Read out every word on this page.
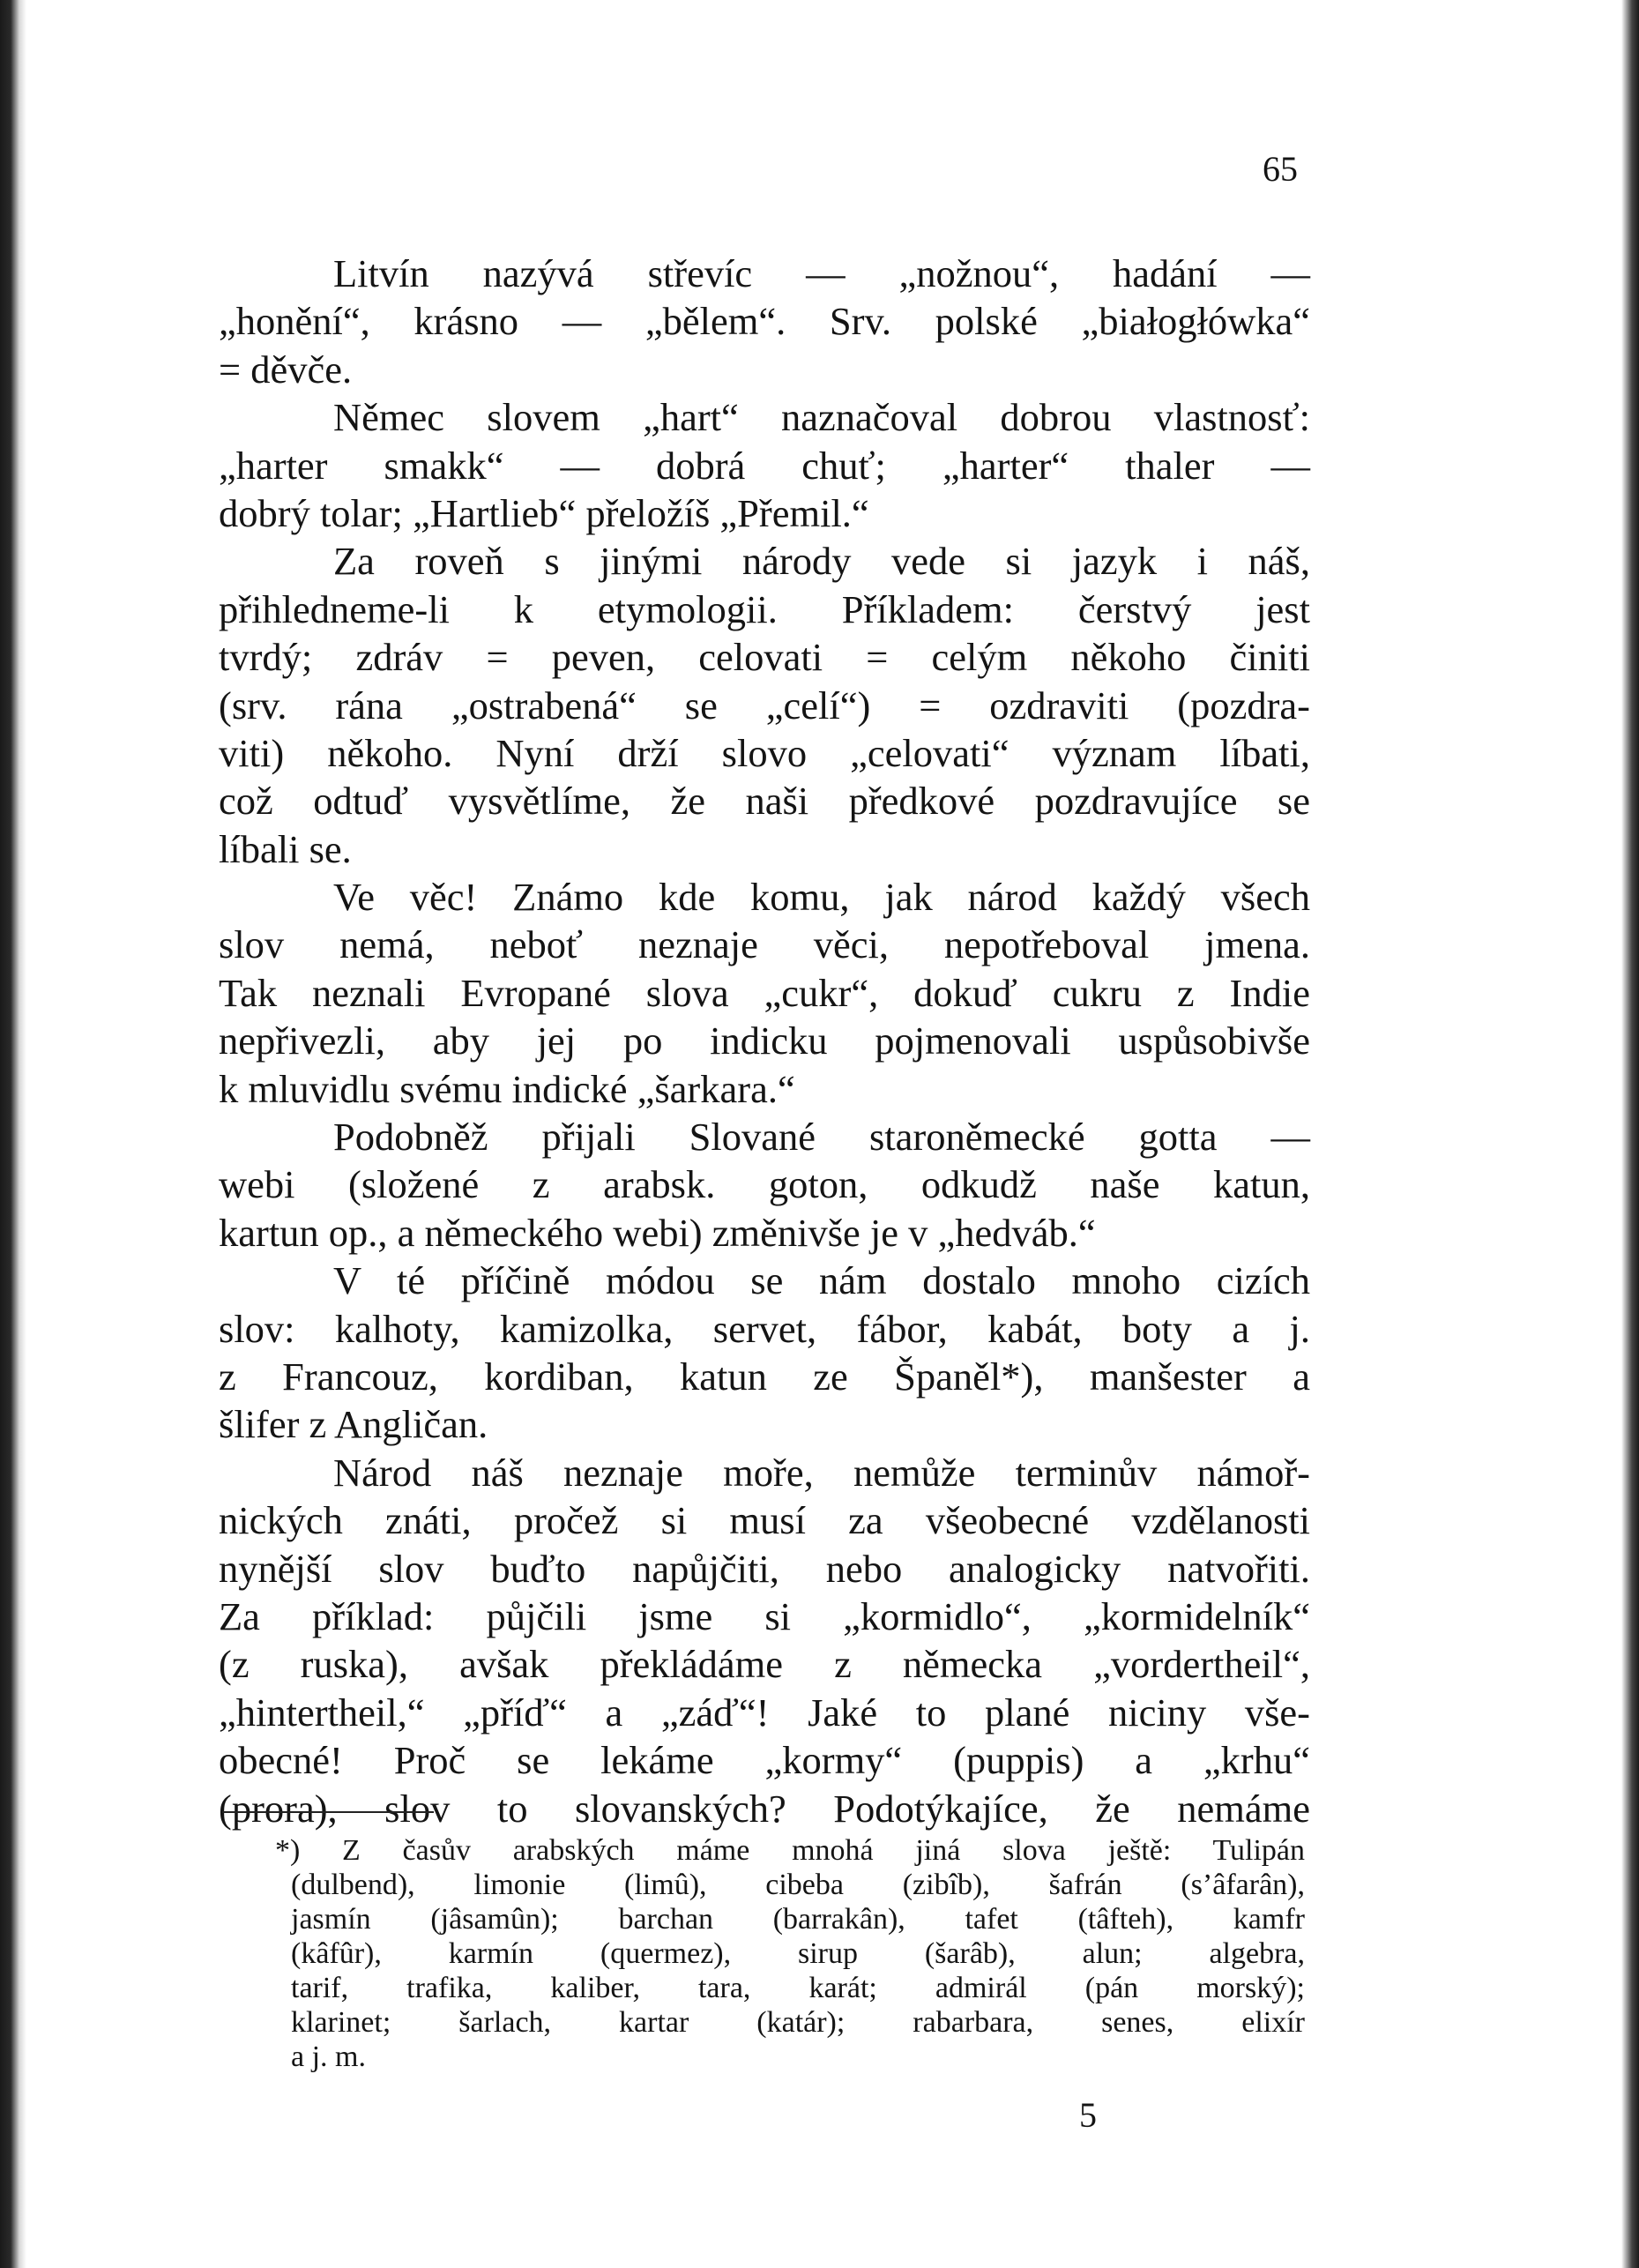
65
Litvín nazývá střevíc — „nožnou“, hadání —
„honění“, krásno — „bělem“. Srv. polské „białogłówka“
= děvče.
Němec slovem „hart“ naznačoval dobrou vlastnosť:
„harter smakk“ — dobrá chuť; „harter“ thaler —
dobrý tolar; „Hartlieb“ přeložíš „Přemil.“
Za roveň s jinými národy vede si jazyk i náš,
přihledneme-li k etymologii. Příkladem: čerstvý jest
tvrdý; zdráv = peven, celovati = celým někoho činiti
(srv. rána „ostrabená“ se „celí“) = ozdraviti (pozdra-
viti) někoho. Nyní drží slovo „celovati“ význam líbati,
což odtuď vysvětlíme, že naši předkové pozdravujíce se
líbali se.
Ve věc! Známo kde komu, jak národ každý všech
slov nemá, neboť neznaje věci, nepotřeboval jmena.
Tak neznali Evropané slova „cukr“, dokuď cukru z Indie
nepřivezli, aby jej po indicku pojmenovali uspůsobivše
k mluvidlu svému indické „šarkara.“
Podobněž přijali Slované staroněmecké gotta —
webi (složené z arabsk. goton, odkudž naše katun,
kartun op., a německého webi) změnivše je v „hedváb.“
V té příčině módou se nám dostalo mnoho cizích
slov: kalhoty, kamizolka, servet, fábor, kabát, boty a j.
z Francouz, kordiban, katun ze Španěl*), manšester a
šlifer z Angličan.
Národ náš neznaje moře, nemůže terminův námoř-
nických znáti, pročež si musí za všeobecné vzdělanosti
nynější slov buďto napůjčiti, nebo analogicky natvořiti.
Za příklad: půjčili jsme si „kormidlo“, „kormidelník“
(z ruska), avšak překládáme z německa „vordertheil“,
„hintertheil,“ „příď“ a „záď“! Jaké to plané niciny vše-
obecné! Proč se lekáme „kormy“ (puppis) a „krhu“
(prora), slov to slovanských? Podotýkajíce, že nemáme
*) Z časův arabských máme mnohá jiná slova ještě: Tulipán
(dulbend), limonie (limû), cibeba (zibîb), šafrán (s’âfarân),
jasmín (jâsamûn); barchan (barrakân), tafet (tâfteh), kamfr
(kâfûr), karmín (quermez), sirup (šarâb), alun; algebra,
tarif, trafika, kaliber, tara, karát; admirál (pán morský);
klarinet; šarlach, kartar (katár); rabarbara, senes, elixír
a j. m.
5
